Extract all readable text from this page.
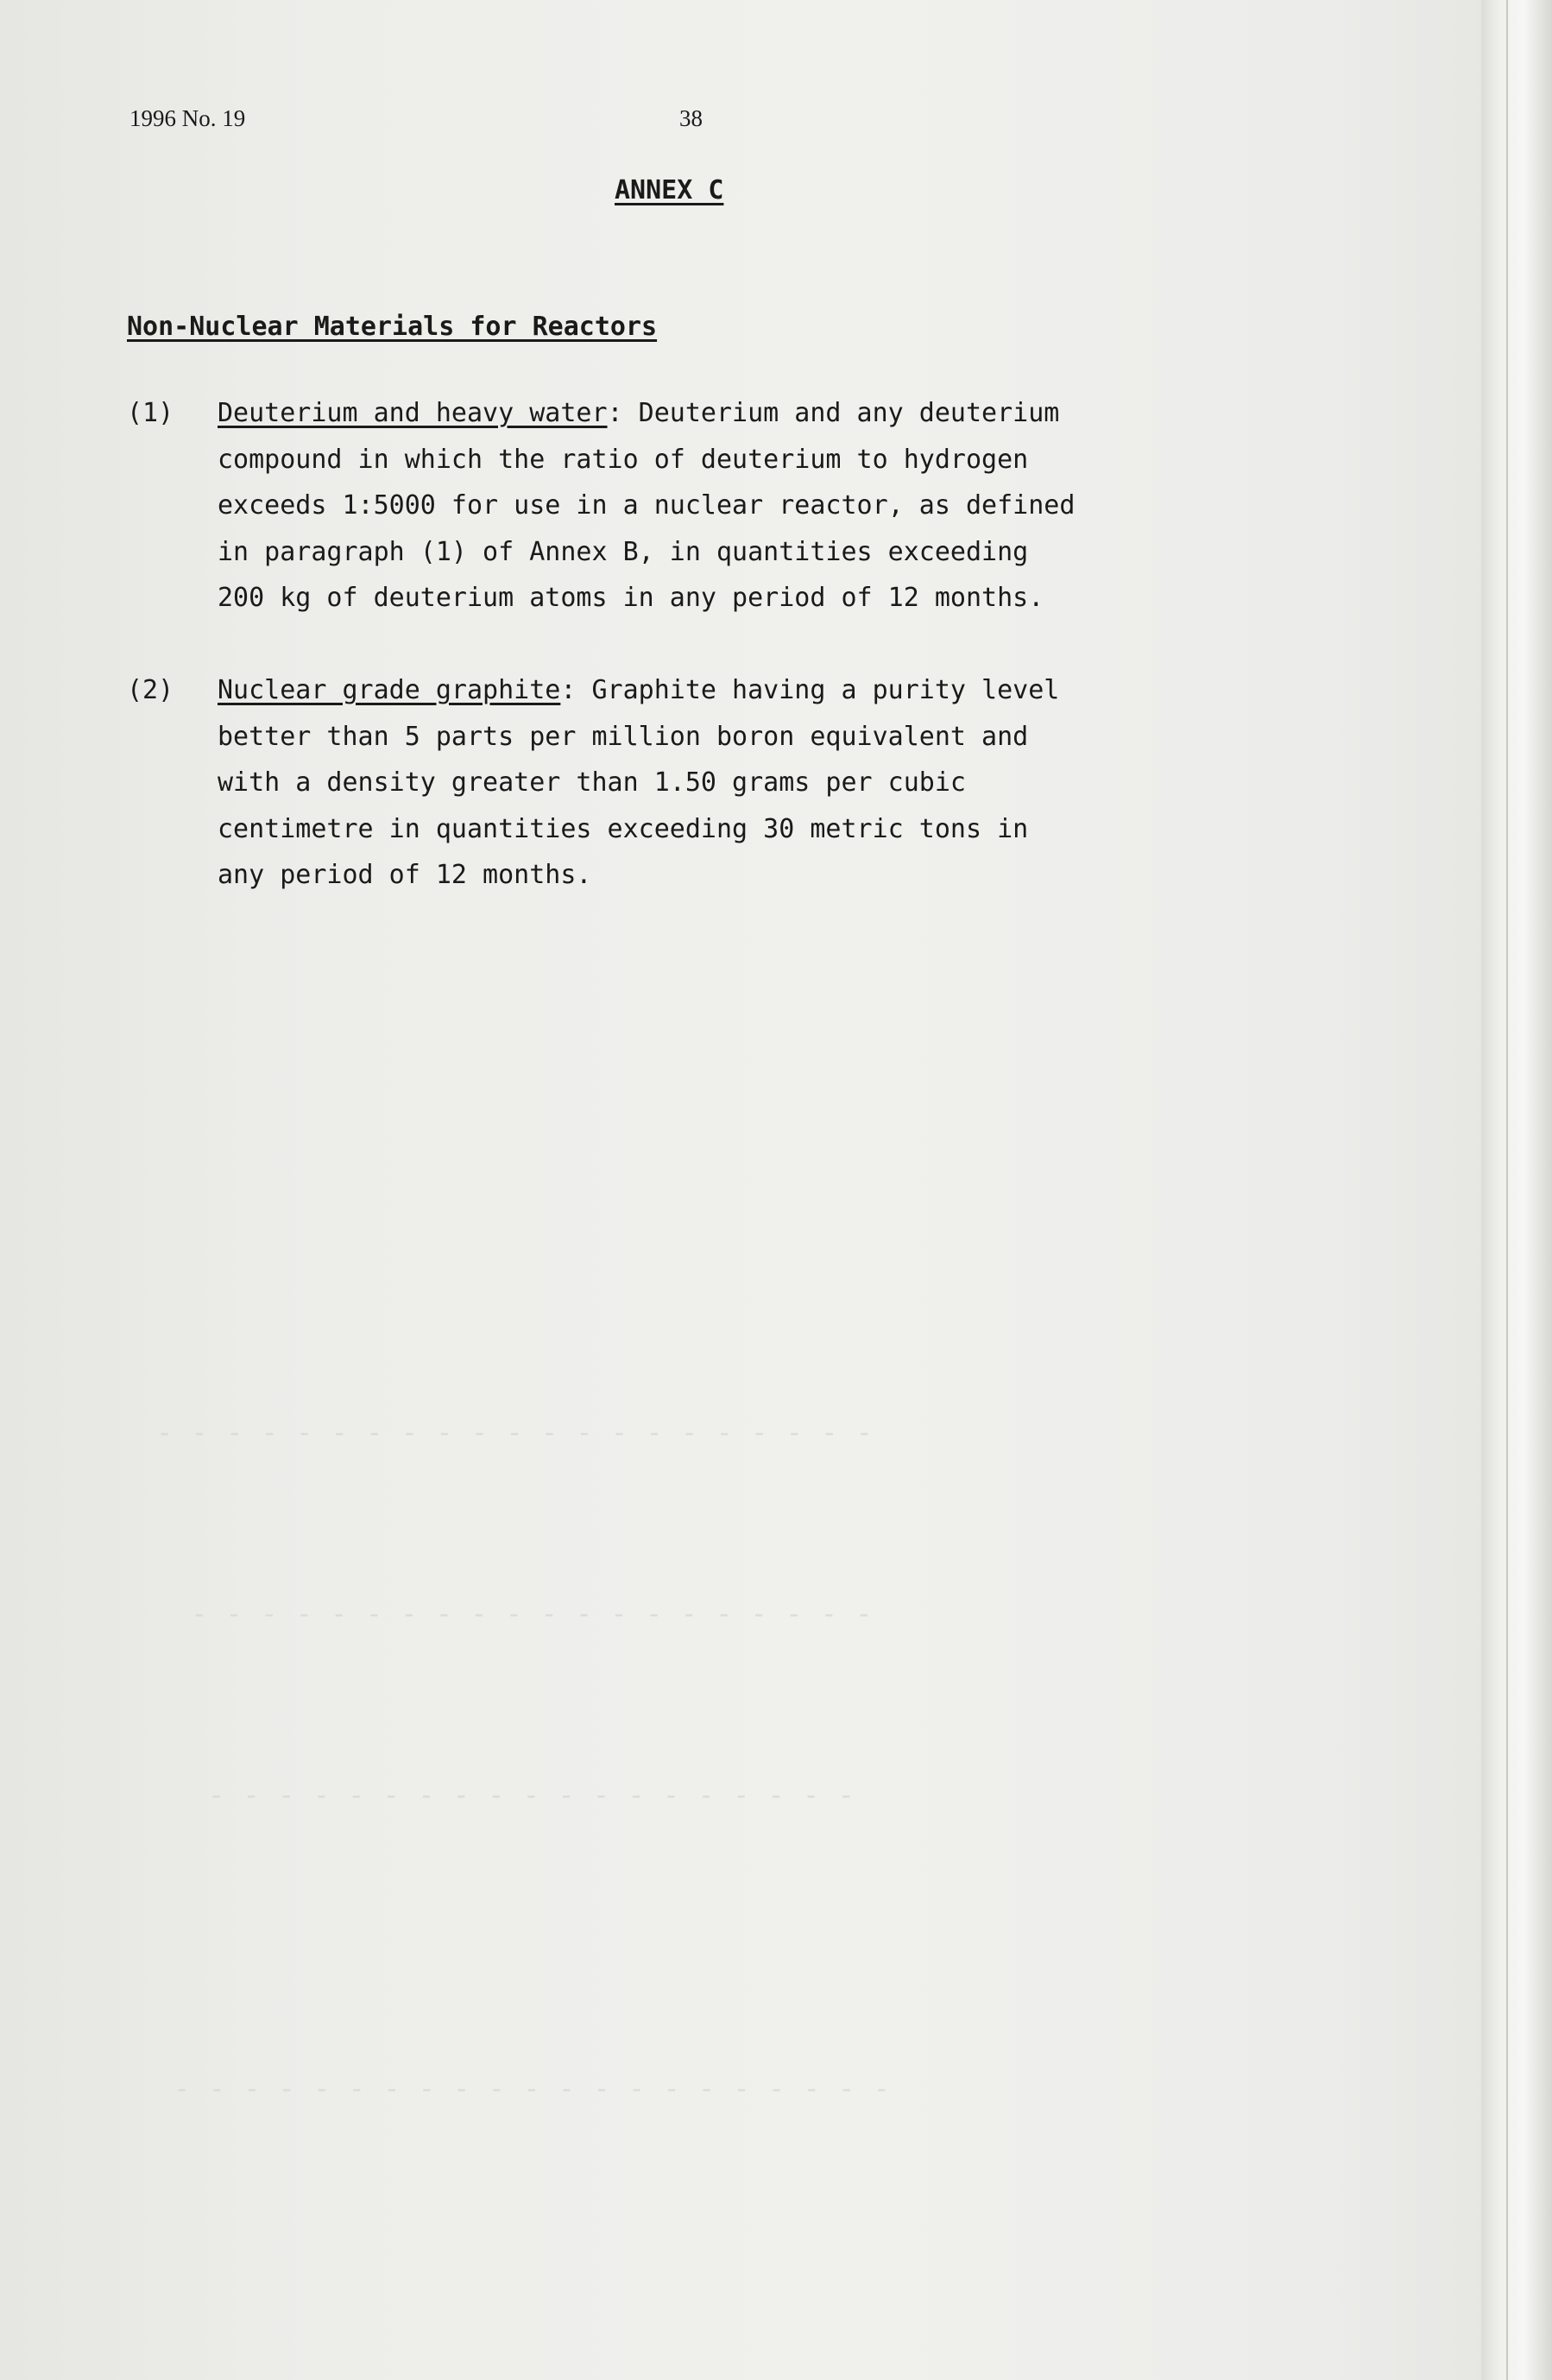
- - - - - - - - - - - - - - - - - - - - -
- - - - - - - - - - - - - - - - - - - -
- - - - - - - - - - - - - - - - - - -
- - - - - - - - - - - - - - - - - - - - -
1996 No. 19	38
ANNEX C
Non-Nuclear Materials for Reactors
(1) Deuterium and heavy water: Deuterium and any deuterium
compound in which the ratio of deuterium to hydrogen
exceeds 1:5000 for use in a nuclear reactor, as defined
in paragraph (1) of Annex B, in quantities exceeding
200 kg of deuterium atoms in any period of 12 months.
(2) Nuclear grade graphite: Graphite having a purity level
better than 5 parts per million boron equivalent and
with a density greater than 1.50 grams per cubic
centimetre in quantities exceeding 30 metric tons in
any period of 12 months.
